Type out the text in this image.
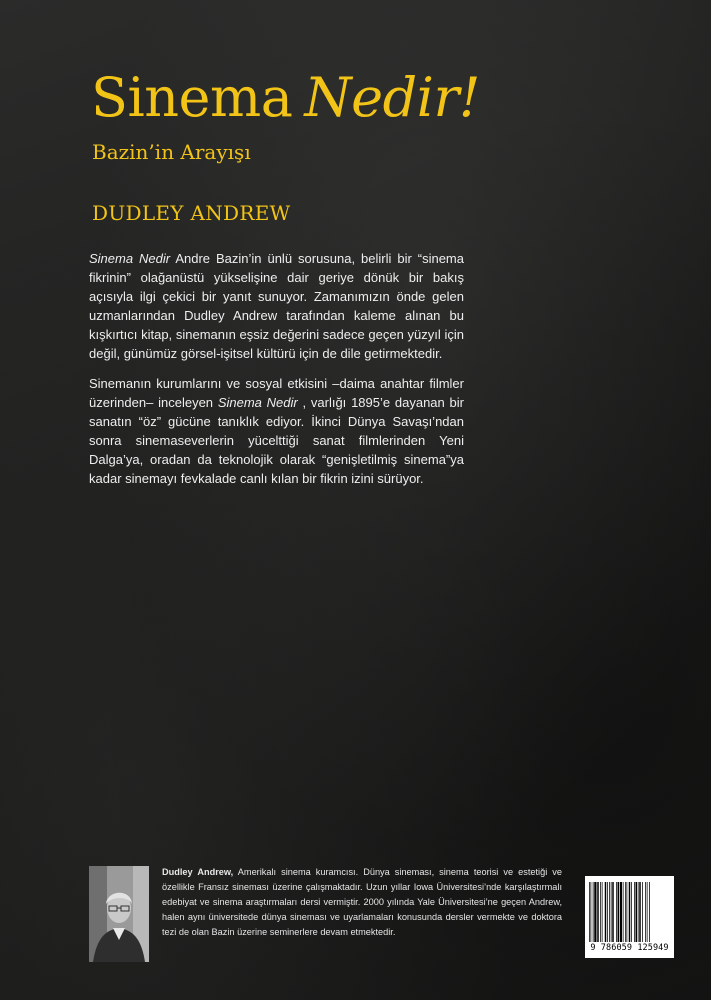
Sinema Nedir!
Bazin’in Arayışı
DUDLEY ANDREW

Sinema Nedir Andre Bazin’in ünlü sorusuna, belirli bir “sinema fikrinin” olağanüstü yükselişine dair geriye dönük bir bakış açısıyla ilgi çekici bir yanıt sunuyor. Zamanımızın önde gelen uzmanlarından Dudley Andrew tarafından kaleme alınan bu kışkırtıcı kitap, sinemanın eşsiz değerini sadece geçen yüzyıl için değil, günümüz görsel-işitsel kültürü için de dile getirmektedir.

Sinemanın kurumlarını ve sosyal etkisini –daima anahtar filmler üzerinden– inceleyen Sinema Nedir , varlığı 1895’e dayanan bir sanatın “öz” gücüne tanıklık ediyor. İkinci Dünya Savaşı’ndan sonra sinemaseverlerin yücelttiği sanat filmlerinden Yeni Dalga’ya, oradan da teknolojik olarak “genişletilmiş sinema”ya kadar sinemayı fevkalade canlı kılan bir fikrin izini sürüyor.

Dudley Andrew, Amerikalı sinema kuramcısı. Dünya sineması, sinema teorisi ve estetiği ve özellikle Fransız sineması üzerine çalışmaktadır. Uzun yıllar Iowa Üniversitesi’nde karşılaştırmalı edebiyat ve sinema araştırmaları dersi vermiştir. 2000 yılında Yale Üniversitesi’ne geçen Andrew, halen aynı üniversitede dünya sineması ve uyarlamaları konusunda dersler vermekte ve doktora tezi de olan Bazin üzerine seminerlere devam etmektedir.
9 786059 125949
